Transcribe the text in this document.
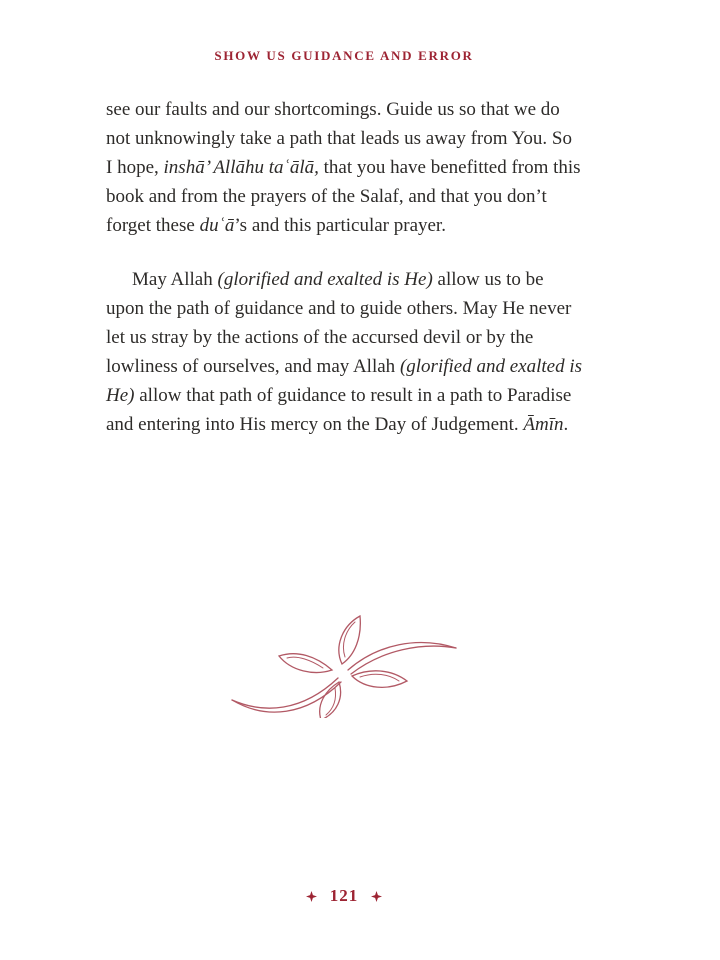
SHOW US GUIDANCE AND ERROR

see our faults and our shortcomings. Guide us so that we do not unknowingly take a path that leads us away from You. So I hope, inshā’ Allāhu taʿālā, that you have benefitted from this book and from the prayers of the Salaf, and that you don’t forget these duʿā’s and this particular prayer.

May Allah (glorified and exalted is He) allow us to be upon the path of guidance and to guide others. May He never let us stray by the actions of the accursed devil or by the lowliness of ourselves, and may Allah (glorified and exalted is He) allow that path of guidance to result in a path to Paradise and entering into His mercy on the Day of Judgement. Āmīn.

121
